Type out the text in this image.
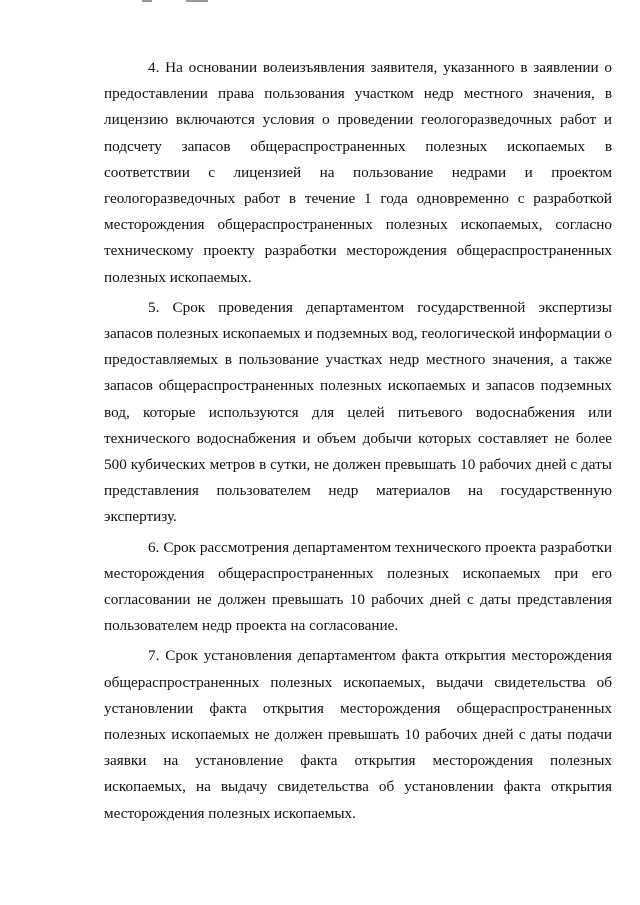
4. На основании волеизъявления заявителя, указанного в заявлении о предоставлении права пользования участком недр местного значения, в лицензию включаются условия о проведении геологоразведочных работ и подсчету запасов общераспространенных полезных ископаемых в соответствии с лицензией на пользование недрами и проектом геологоразведочных работ в течение 1 года одновременно с разработкой месторождения общераспространенных полезных ископаемых, согласно техническому проекту разработки месторождения общераспространенных полезных ископаемых.

5. Срок проведения департаментом государственной экспертизы запасов полезных ископаемых и подземных вод, геологической информации о предоставляемых в пользование участках недр местного значения, а также запасов общераспространенных полезных ископаемых и запасов подземных вод, которые используются для целей питьевого водоснабжения или технического водоснабжения и объем добычи которых составляет не более 500 кубических метров в сутки, не должен превышать 10 рабочих дней с даты представления пользователем недр материалов на государственную экспертизу.

6. Срок рассмотрения департаментом технического проекта разработки месторождения общераспространенных полезных ископаемых при его согласовании не должен превышать 10 рабочих дней с даты представления пользователем недр проекта на согласование.

7. Срок установления департаментом факта открытия месторождения общераспространенных полезных ископаемых, выдачи свидетельства об установлении факта открытия месторождения общераспространенных полезных ископаемых не должен превышать 10 рабочих дней с даты подачи заявки на установление факта открытия месторождения полезных ископаемых, на выдачу свидетельства об установлении факта открытия месторождения полезных ископаемых.
